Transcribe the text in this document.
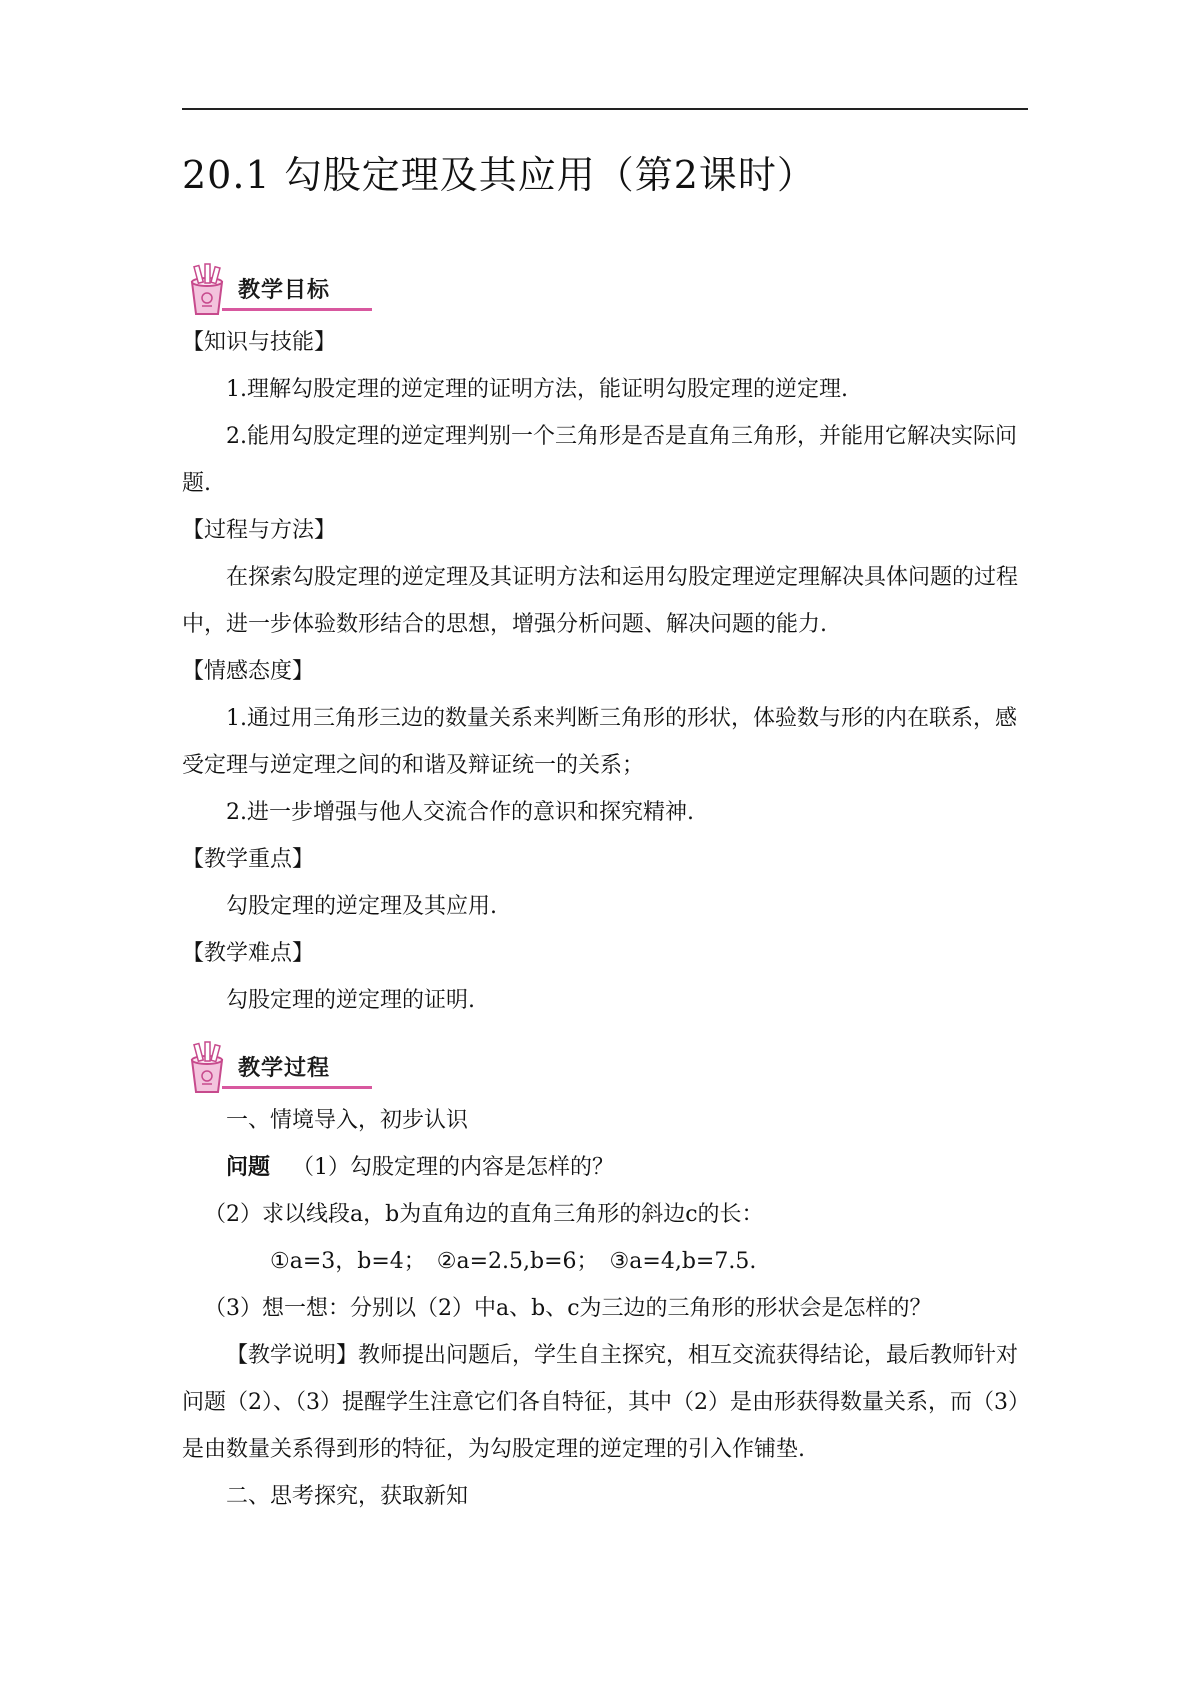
20.1 勾股定理及其应用（第2课时）
教学目标

【知识与技能】

1.理解勾股定理的逆定理的证明方法，能证明勾股定理的逆定理.

2.能用勾股定理的逆定理判别一个三角形是否是直角三角形，并能用它解决实际问题.

【过程与方法】

在探索勾股定理的逆定理及其证明方法和运用勾股定理逆定理解决具体问题的过程中，进一步体验数形结合的思想，增强分析问题、解决问题的能力.

【情感态度】

1.通过用三角形三边的数量关系来判断三角形的形状，体验数与形的内在联系，感受定理与逆定理之间的和谐及辩证统一的关系；

2.进一步增强与他人交流合作的意识和探究精神.

【教学重点】

勾股定理的逆定理及其应用.

【教学难点】

勾股定理的逆定理的证明.

教学过程

一、情境导入，初步认识

问题  （1）勾股定理的内容是怎样的？

（2）求以线段a，b为直角边的直角三角形的斜边c的长：

①a=3，b=4；　②a=2.5,b=6；　③a=4,b=7.5.

（3）想一想：分别以（2）中a、b、c为三边的三角形的形状会是怎样的？

【教学说明】教师提出问题后，学生自主探究，相互交流获得结论，最后教师针对问题（2）、（3）提醒学生注意它们各自特征，其中（2）是由形获得数量关系，而（3）是由数量关系得到形的特征，为勾股定理的逆定理的引入作铺垫.

二、思考探究，获取新知
